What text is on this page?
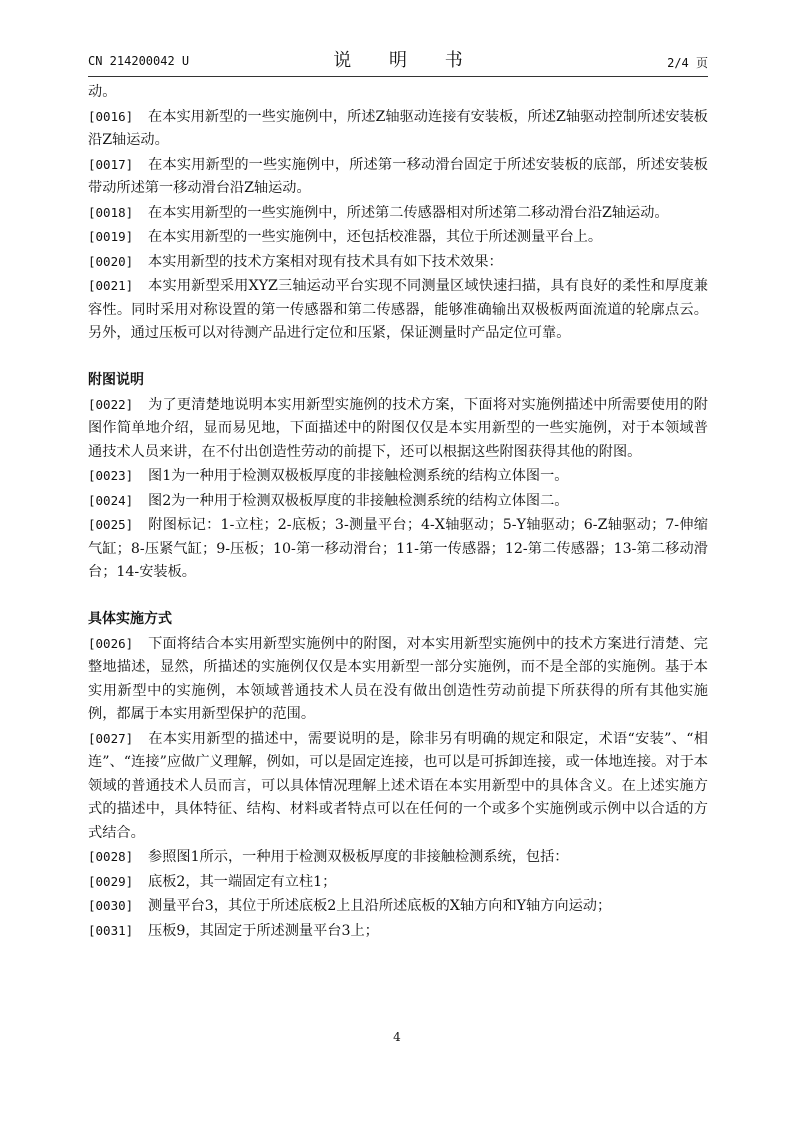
CN 214200042 U	说 明 书	2/4 页

动。

[0016] 在本实用新型的一些实施例中，所述Z轴驱动连接有安装板，所述Z轴驱动控制所述安装板沿Z轴运动。

[0017] 在本实用新型的一些实施例中，所述第一移动滑台固定于所述安装板的底部，所述安装板带动所述第一移动滑台沿Z轴运动。

[0018] 在本实用新型的一些实施例中，所述第二传感器相对所述第二移动滑台沿Z轴运动。

[0019] 在本实用新型的一些实施例中，还包括校准器，其位于所述测量平台上。

[0020] 本实用新型的技术方案相对现有技术具有如下技术效果：

[0021] 本实用新型采用XYZ三轴运动平台实现不同测量区域快速扫描，具有良好的柔性和厚度兼容性。同时采用对称设置的第一传感器和第二传感器，能够准确输出双极板两面流道的轮廓点云。另外，通过压板可以对待测产品进行定位和压紧，保证测量时产品定位可靠。

附图说明

[0022] 为了更清楚地说明本实用新型实施例的技术方案，下面将对实施例描述中所需要使用的附图作简单地介绍，显而易见地，下面描述中的附图仅仅是本实用新型的一些实施例，对于本领域普通技术人员来讲，在不付出创造性劳动的前提下，还可以根据这些附图获得其他的附图。

[0023] 图1为一种用于检测双极板厚度的非接触检测系统的结构立体图一。

[0024] 图2为一种用于检测双极板厚度的非接触检测系统的结构立体图二。

[0025] 附图标记：1-立柱；2-底板；3-测量平台；4-X轴驱动；5-Y轴驱动；6-Z轴驱动；7-伸缩气缸；8-压紧气缸；9-压板；10-第一移动滑台；11-第一传感器；12-第二传感器；13-第二移动滑台；14-安装板。

具体实施方式

[0026] 下面将结合本实用新型实施例中的附图，对本实用新型实施例中的技术方案进行清楚、完整地描述，显然，所描述的实施例仅仅是本实用新型一部分实施例，而不是全部的实施例。基于本实用新型中的实施例，本领域普通技术人员在没有做出创造性劳动前提下所获得的所有其他实施例，都属于本实用新型保护的范围。

[0027] 在本实用新型的描述中，需要说明的是，除非另有明确的规定和限定，术语“安装”、“相连”、“连接”应做广义理解，例如，可以是固定连接，也可以是可拆卸连接，或一体地连接。对于本领域的普通技术人员而言，可以具体情况理解上述术语在本实用新型中的具体含义。在上述实施方式的描述中，具体特征、结构、材料或者特点可以在任何的一个或多个实施例或示例中以合适的方式结合。

[0028] 参照图1所示，一种用于检测双极板厚度的非接触检测系统，包括：

[0029] 底板2，其一端固定有立柱1；

[0030] 测量平台3，其位于所述底板2上且沿所述底板的X轴方向和Y轴方向运动；

[0031] 压板9，其固定于所述测量平台3上；

4
